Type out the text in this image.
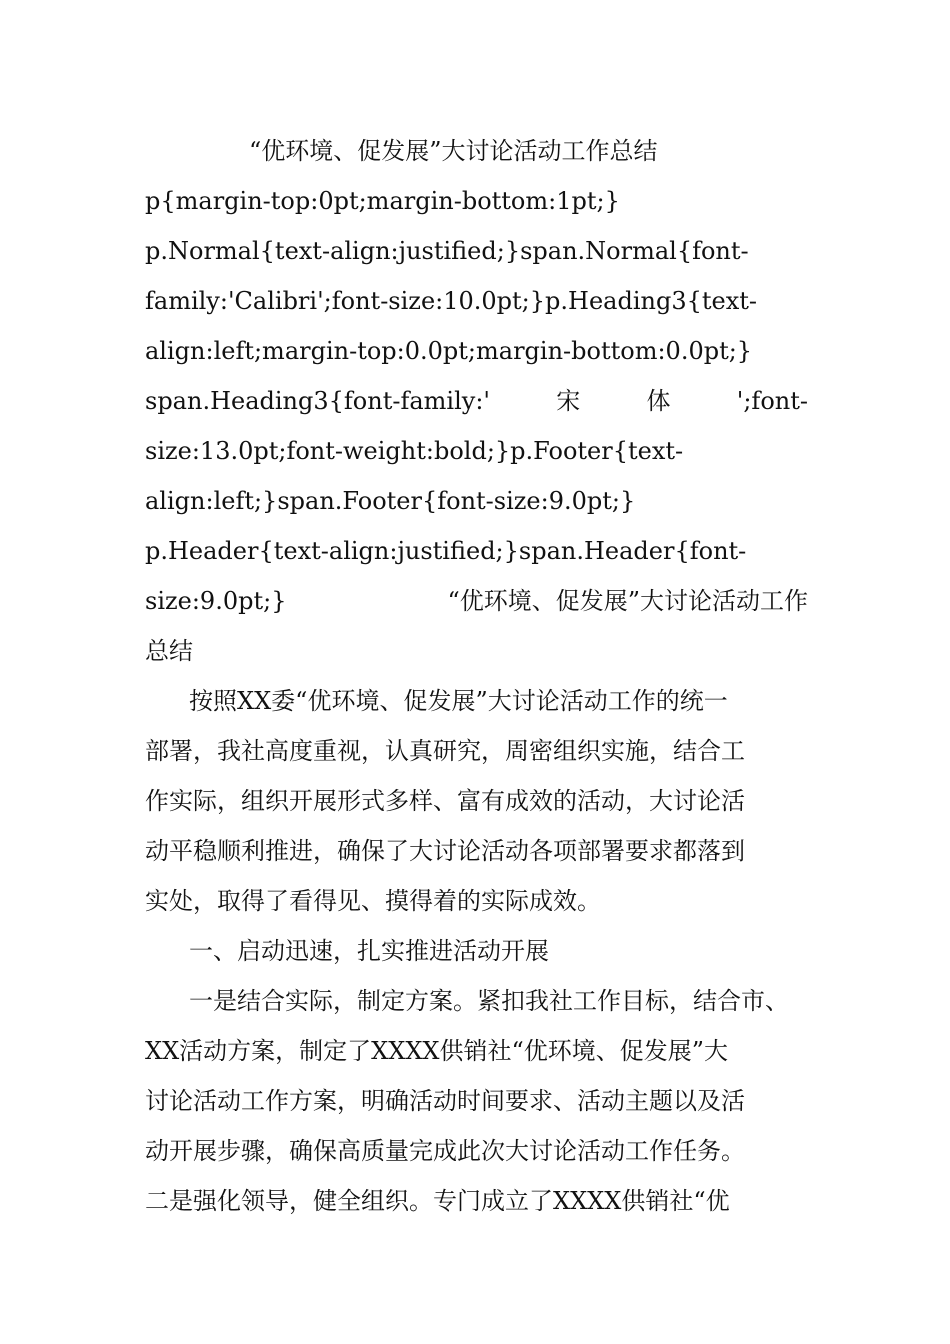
“优环境、促发展”大讨论活动工作总结
p{margin-top:0pt;margin-bottom:1pt;}
p.Normal{text-align:justified;}span.Normal{font-
family:'Calibri';font-size:10.0pt;}p.Heading3{text-
align:left;margin-top:0.0pt;margin-bottom:0.0pt;}
span.Heading3{font-family:'	宋	体	';font-
size:13.0pt;font-weight:bold;}p.Footer{text-
align:left;}span.Footer{font-size:9.0pt;}
p.Header{text-align:justified;}span.Header{font-
size:9.0pt;}	“优环境、促发展”大讨论活动工作
总结
按照XX委“优环境、促发展”大讨论活动工作的统一
部署，我社高度重视，认真研究，周密组织实施，结合工
作实际，组织开展形式多样、富有成效的活动，大讨论活
动平稳顺利推进，确保了大讨论活动各项部署要求都落到
实处，取得了看得见、摸得着的实际成效。
一、启动迅速，扎实推进活动开展
一是结合实际，制定方案。紧扣我社工作目标，结合市、
XX活动方案，制定了XXXX供销社“优环境、促发展”大
讨论活动工作方案，明确活动时间要求、活动主题以及活
动开展步骤，确保高质量完成此次大讨论活动工作任务。
二是强化领导，健全组织。专门成立了XXXX供销社“优
